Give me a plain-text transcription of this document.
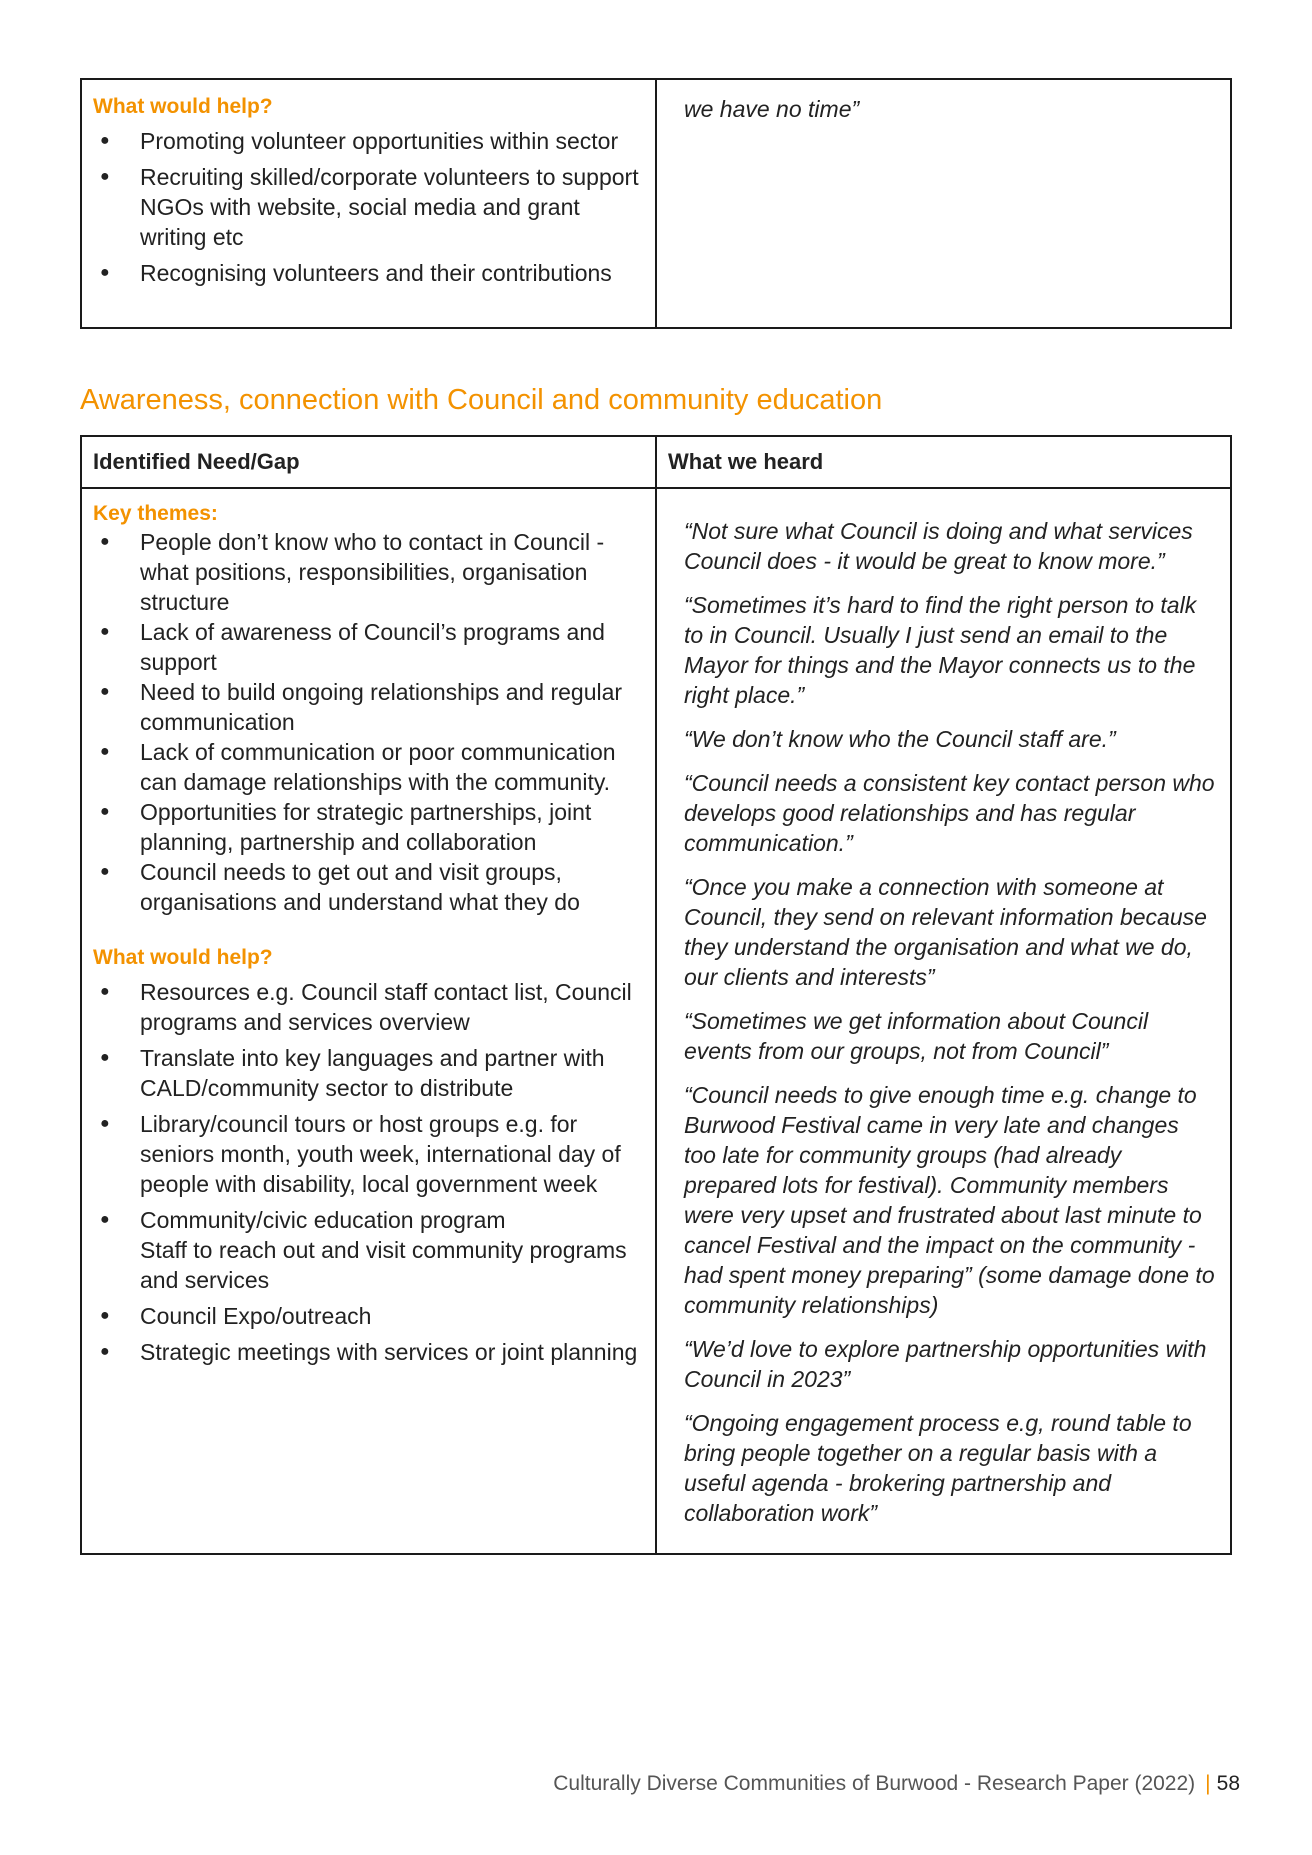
What would help?
● Promoting volunteer opportunities within sector
● Recruiting skilled/corporate volunteers to support NGOs with website, social media and grant writing etc
● Recognising volunteers and their contributions
we have no time”
Awareness, connection with Council and community education
Identified Need/Gap	What we heard
Key themes:
● People don’t know who to contact in Council - what positions, responsibilities, organisation structure
● Lack of awareness of Council’s programs and support
● Need to build ongoing relationships and regular communication
● Lack of communication or poor communication can damage relationships with the community.
● Opportunities for strategic partnerships, joint planning, partnership and collaboration
● Council needs to get out and visit groups, organisations and understand what they do
What would help?
● Resources e.g. Council staff contact list, Council programs and services overview
● Translate into key languages and partner with CALD/community sector to distribute
● Library/council tours or host groups e.g. for seniors month, youth week, international day of people with disability, local government week
● Community/civic education program
Staff to reach out and visit community programs and services
● Council Expo/outreach
● Strategic meetings with services or joint planning
“Not sure what Council is doing and what services Council does - it would be great to know more.”
“Sometimes it’s hard to find the right person to talk to in Council. Usually I just send an email to the Mayor for things and the Mayor connects us to the right place.”
“We don’t know who the Council staff are.”
“Council needs a consistent key contact person who develops good relationships and has regular communication.”
“Once you make a connection with someone at Council, they send on relevant information because they understand the organisation and what we do, our clients and interests”
“Sometimes we get information about Council events from our groups, not from Council”
“Council needs to give enough time e.g. change to Burwood Festival came in very late and changes too late for community groups (had already prepared lots for festival). Community members were very upset and frustrated about last minute to cancel Festival and the impact on the community - had spent money preparing” (some damage done to community relationships)
“We’d love to explore partnership opportunities with Council in 2023”
“Ongoing engagement process e.g, round table to bring people together on a regular basis with a useful agenda - brokering partnership and collaboration work”
Culturally Diverse Communities of Burwood - Research Paper (2022) | 58
